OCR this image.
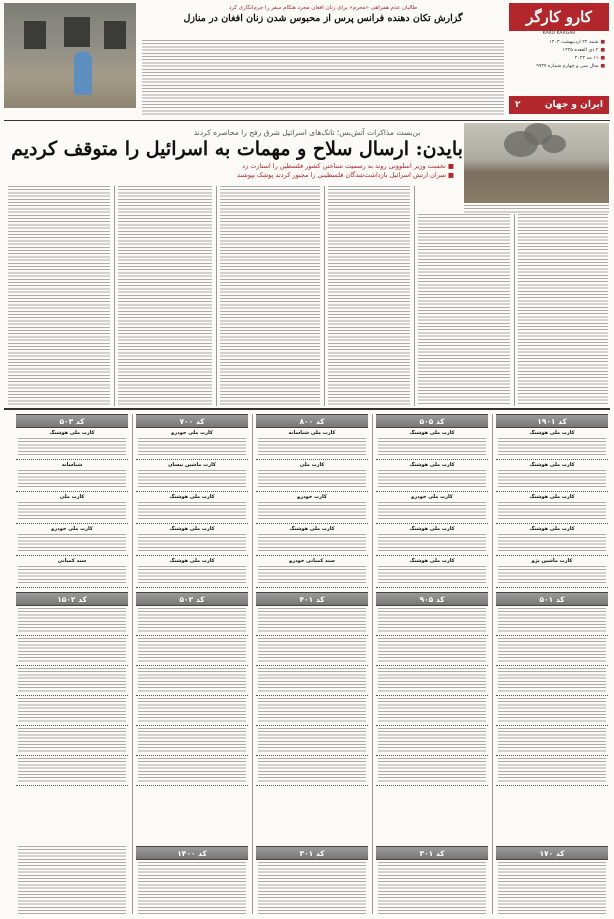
کارو کارگر
KARO KARGAR
■شنبه ۲۲ اردیبهشت ۱۴۰۳
■۲ ذی القعده ۱۴۴۵
■۱۱ مه ۲۰۲۴
■سال سی و چهارم شماره ۹۹۳۷
ایران و جهان
۲
طالبان عدم همراهی «محرم» برای زنان افغان مجرد هنگام سفر را جرم‌انگاری کرد
گزارش تکان دهنده فرانس پرس از محبوس شدن زنان افغان در منازل
بن‌بست مذاکرات آتش‌بس؛ تانک‌های اسرائیل شرق رفح را محاصره کردند
بایدن: ارسال سلاح و مهمات به اسرائیل را متوقف کردیم
■ نخست وزیر اسلوونی روند به رسمیت شناختن کشور فلسطین را استارت زد
■ سران ارتش اسرائیل بازداشت‌شدگان فلسطینی را مجبور کردند پوشک بپوشند
کد ۱۹۰۱
کارت ملی هوشنگ
کارت ملی هوشنگ
کارت ملی هوشنگ
کارت ملی هوشنگ
کارت ماشین پژو
کد ۵۰۱
کد ۱۷۰
کد ۵۰۵
کارت ملی هوشنگ
کارت ملی هوشنگ
کارت ملی خودرو
کارت ملی هوشنگ
کارت ملی هوشنگ
کد ۹۰۵
کد ۳۰۱
کد ۸۰۰
کارت ملی شناسانه
کارت ملی
کارت خودرو
کارت ملی هوشنگ
سند کمپانی خودرو
کد ۴۰۱
کد ۳۰۱
کد ۷۰۰
کارت ملی خودرو
کارت ماشین نیسان
کارت ملی هوشنگ
کارت ملی هوشنگ
کارت ملی هوشنگ
کد ۵۰۲
کد ۱۴۰۰
کد ۵۰۳
کارت ملی هوشنگ
شناسانه
کارت ملی
کارت ملی خودرو
سند کمپانی
کد ۱۵۰۲
